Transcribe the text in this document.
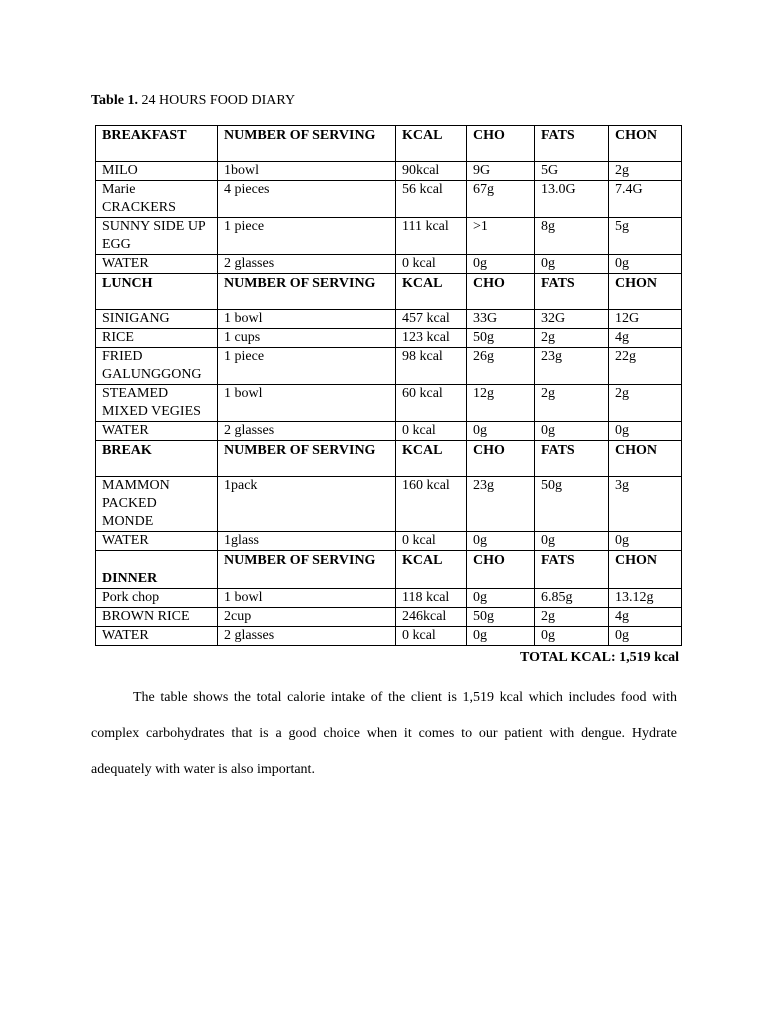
Table 1. 24 HOURS FOOD DIARY
BREAKFAST	NUMBER OF SERVING	KCAL	CHO	FATS	CHON
MILO	1bowl	90kcal	9G	5G	2g
Marie CRACKERS	4 pieces	56 kcal	67g	13.0G	7.4G
SUNNY SIDE UP EGG	1 piece	111 kcal	>1	8g	5g
WATER	2 glasses	0 kcal	0g	0g	0g
LUNCH	NUMBER OF SERVING	KCAL	CHO	FATS	CHON
SINIGANG	1 bowl	457 kcal	33G	32G	12G
RICE	1 cups	123 kcal	50g	2g	4g
FRIED GALUNGGONG	1 piece	98 kcal	26g	23g	22g
STEAMED MIXED VEGIES	1 bowl	60 kcal	12g	2g	2g
WATER	2 glasses	0 kcal	0g	0g	0g
BREAK	NUMBER OF SERVING	KCAL	CHO	FATS	CHON
MAMMON PACKED MONDE	1pack	160 kcal	23g	50g	3g
WATER	1glass	0 kcal	0g	0g	0g
DINNER	NUMBER OF SERVING	KCAL	CHO	FATS	CHON
Pork chop	1 bowl	118 kcal	0g	6.85g	13.12g
BROWN RICE	2cup	246kcal	50g	2g	4g
WATER	2 glasses	0 kcal	0g	0g	0g
TOTAL KCAL: 1,519 kcal

The table shows the total calorie intake of the client is 1,519 kcal which includes food with complex carbohydrates that is a good choice when it comes to our patient with dengue. Hydrate adequately with water is also important.
